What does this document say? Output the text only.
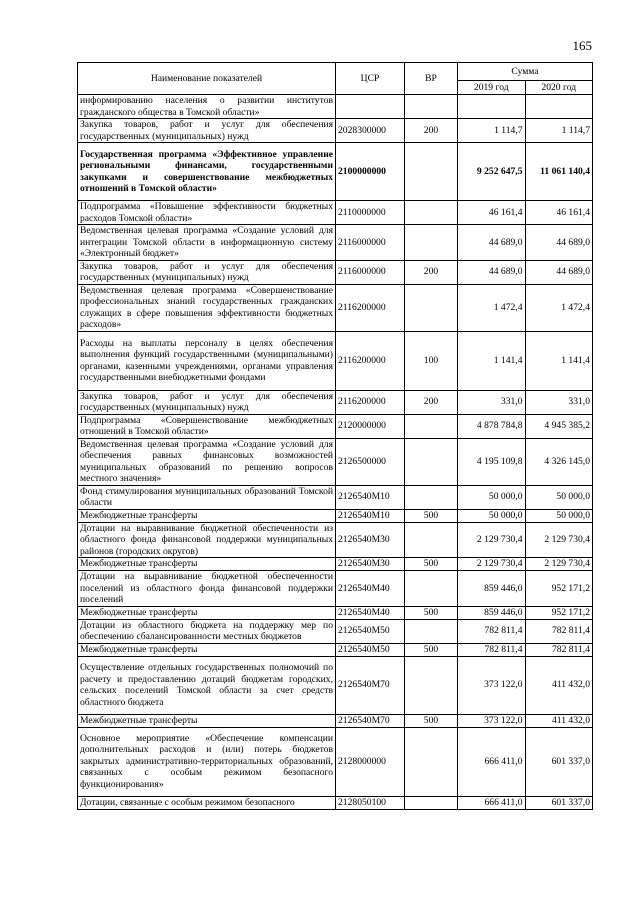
165
Наименование показателей	ЦСР	ВР	Сумма	
			2019 год	2020 год
информированию населения о развитии институтов гражданского общества в Томской области»				
Закупка товаров, работ и услуг для обеспечения государственных (муниципальных) нужд	2028300000	200	1 114,7	1 114,7
Государственная программа «Эффективное управление региональными финансами, государственными закупками и совершенствование межбюджетных отношений в Томской области»	2100000000		9 252 647,5	11 061 140,4
Подпрограмма «Повышение эффективности бюджетных расходов Томской области»	2110000000		46 161,4	46 161,4
Ведомственная целевая программа «Создание условий для интеграции Томской области в информационную систему «Электронный бюджет»	2116000000		44 689,0	44 689,0
Закупка товаров, работ и услуг для обеспечения государственных (муниципальных) нужд	2116000000	200	44 689,0	44 689,0
Ведомственная целевая программа «Совершенствование профессиональных знаний государственных гражданских служащих в сфере повышения эффективности бюджетных расходов»	2116200000		1 472,4	1 472,4
Расходы на выплаты персоналу в целях обеспечения выполнения функций государственными (муниципальными) органами, казенными учреждениями, органами управления государственными внебюджетными фондами	2116200000	100	1 141,4	1 141,4
Закупка товаров, работ и услуг для обеспечения государственных (муниципальных) нужд	2116200000	200	331,0	331,0
Подпрограмма «Совершенствование межбюджетных отношений в Томской области»	2120000000		4 878 784,8	4 945 385,2
Ведомственная целевая программа «Создание условий для обеспечения равных финансовых возможностей муниципальных образований по решению вопросов местного значения»	2126500000		4 195 109,8	4 326 145,0
Фонд стимулирования муниципальных образований Томской области	2126540М10		50 000,0	50 000,0
Межбюджетные трансферты	2126540М10	500	50 000,0	50 000,0
Дотации на выравнивание бюджетной обеспеченности из областного фонда финансовой поддержки муниципальных районов (городских округов)	2126540М30		2 129 730,4	2 129 730,4
Межбюджетные трансферты	2126540М30	500	2 129 730,4	2 129 730,4
Дотации на выравнивание бюджетной обеспеченности поселений из областного фонда финансовой поддержки поселений	2126540М40		859 446,0	952 171,2
Межбюджетные трансферты	2126540М40	500	859 446,0	952 171,2
Дотации из областного бюджета на поддержку мер по обеспечению сбалансированности местных бюджетов	2126540М50		782 811,4	782 811,4
Межбюджетные трансферты	2126540М50	500	782 811,4	782 811,4
Осуществление отдельных государственных полномочий по расчету и предоставлению дотаций бюджетам городских, сельских поселений Томской области за счет средств областного бюджета	2126540М70		373 122,0	411 432,0
Межбюджетные трансферты	2126540М70	500	373 122,0	411 432,0
Основное мероприятие «Обеспечение компенсации дополнительных расходов и (или) потерь бюджетов закрытых административно-территориальных образований, связанных с особым режимом безопасного функционирования»	2128000000		666 411,0	601 337,0
Дотации, связанные с особым режимом безопасного	2128050100		666 411,0	601 337,0
